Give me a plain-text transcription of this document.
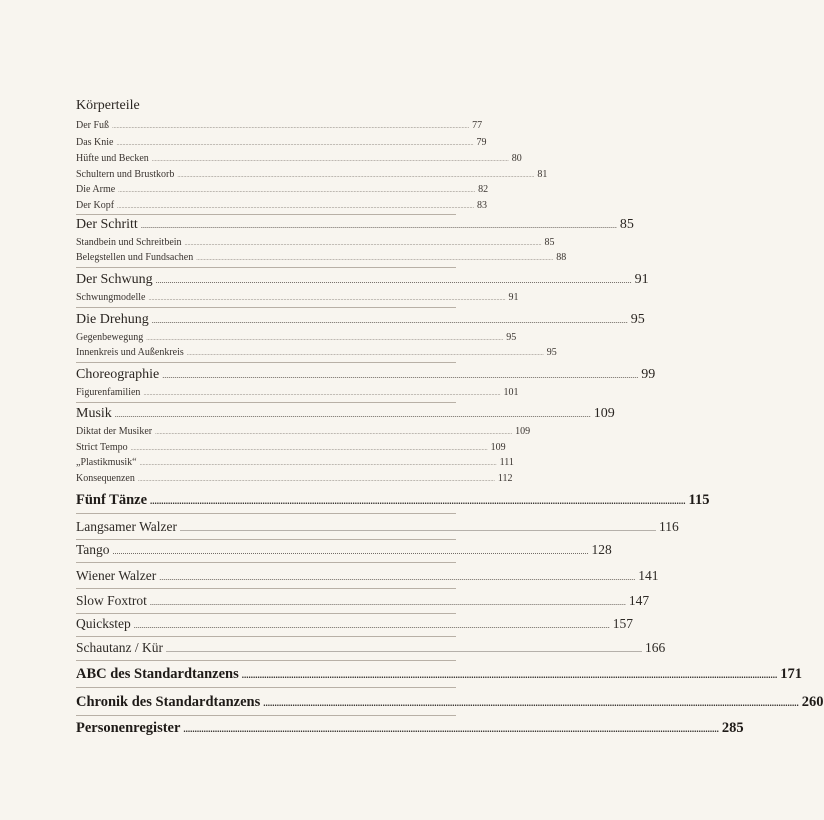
Körperteile
Der Fuß .............................................................................................................................................................................................................................................. 77
Das Knie .............................................................................................................................................................................................................................................. 79
Hüfte und Becken .............................................................................................................................................................................................................................................. 80
Schultern und Brustkorb .............................................................................................................................................................................................................................................. 81
Die Arme .............................................................................................................................................................................................................................................. 82
Der Kopf .............................................................................................................................................................................................................................................. 83
Der Schritt .............................................................................................................................................................................................................................................. 85
Standbein und Schreitbein .............................................................................................................................................................................................................................................. 85
Belegstellen und Fundsachen .............................................................................................................................................................................................................................................. 88
Der Schwung .............................................................................................................................................................................................................................................. 91
Schwungmodelle .............................................................................................................................................................................................................................................. 91
Die Drehung .............................................................................................................................................................................................................................................. 95
Gegenbewegung .............................................................................................................................................................................................................................................. 95
Innenkreis und Außenkreis .............................................................................................................................................................................................................................................. 95
Choreographie .............................................................................................................................................................................................................................................. 99
Figurenfamilien .............................................................................................................................................................................................................................................. 101
Musik .............................................................................................................................................................................................................................................. 109
Diktat der Musiker .............................................................................................................................................................................................................................................. 109
Strict Tempo .............................................................................................................................................................................................................................................. 109
„Plastikmusik“ .............................................................................................................................................................................................................................................. 111
Konsequenzen .............................................................................................................................................................................................................................................. 112
Fünf Tänze .............................................................................................................................................................................................................................................. 115
Langsamer Walzer .............................................................................................................................................................................................................................................. 116
Tango .............................................................................................................................................................................................................................................. 128
Wiener Walzer .............................................................................................................................................................................................................................................. 141
Slow Foxtrot .............................................................................................................................................................................................................................................. 147
Quickstep .............................................................................................................................................................................................................................................. 157
Schautanz / Kür .............................................................................................................................................................................................................................................. 166
ABC des Standardtanzens .............................................................................................................................................................................................................................................. 171
Chronik des Standardtanzens .............................................................................................................................................................................................................................................. 260
Personenregister .............................................................................................................................................................................................................................................. 285
